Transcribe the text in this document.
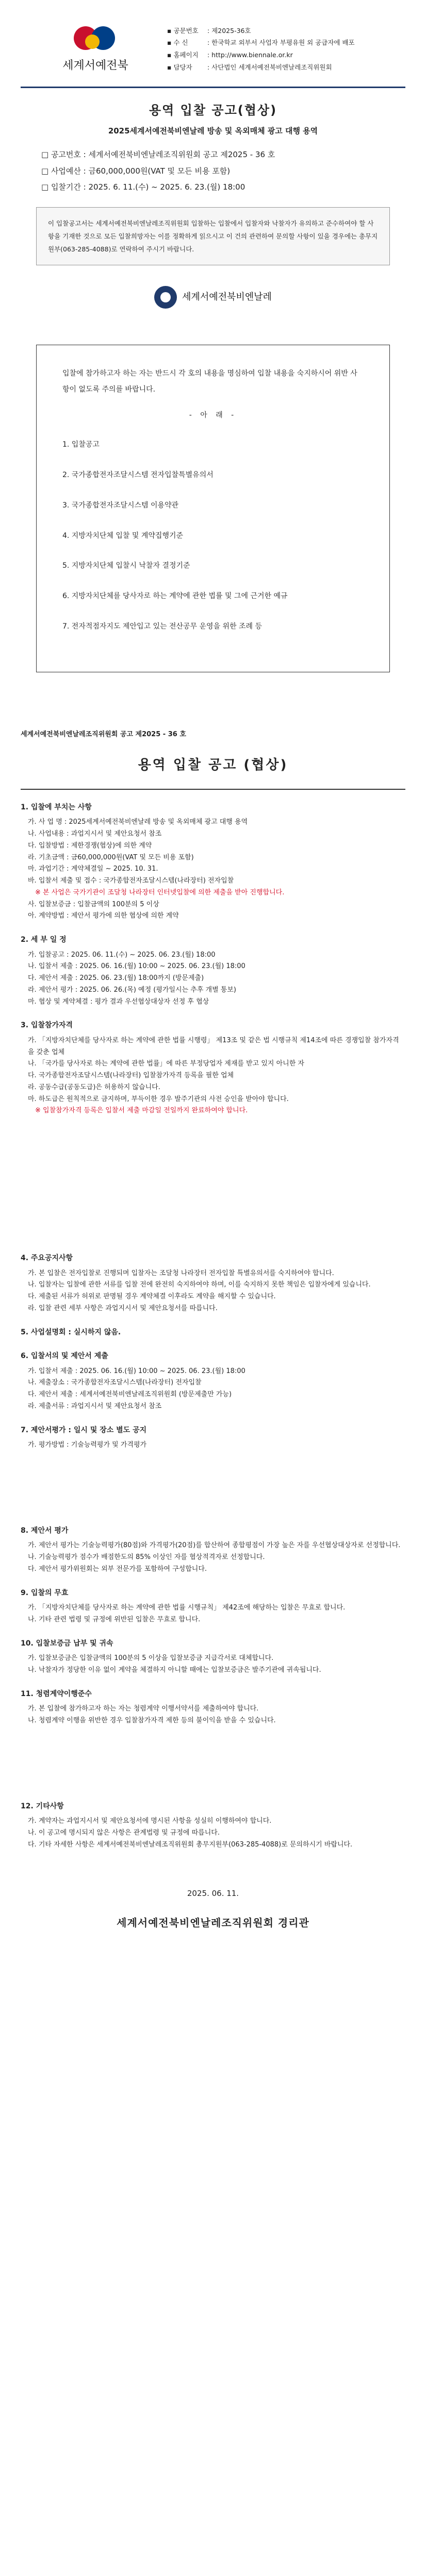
세계서예전북
▪ 공문번호	: 제2025-36호
▪ 수 신	: 한국학교 외부서 사업자 부평유원 외 공급자에 배포
▪ 홈페이지	: http://www.biennale.or.kr
▪ 담당자	: 사단법인 세계서예전북비엔날레조직위원회
용역 입찰 공고(협상)
2025세계서예전북비엔날레 방송 및 옥외매체 광고 대행 용역
□ 공고번호 : 세계서예전북비엔날레조직위원회 공고 제2025 - 36 호
□ 사업예산 : 금60,000,000원(VAT 및 모든 비용 포함)
□ 입찰기간 : 2025. 6. 11.(수) ~ 2025. 6. 23.(월) 18:00
이 입찰공고서는 세계서예전북비엔날레조직위원회 입찰하는 입찰에서 입찰자와 낙찰자가 유의하고 준수하여야 할 사항을 기재한 것으로 모든 입찰희망자는 이를 정확하게 읽으시고 이 건의 관련하여 문의할 사항이 있을 경우에는 총무지원부(063-285-4088)로 연락하여 주시기 바랍니다.
세계서예전북비엔날레
입찰에 참가하고자 하는 자는 반드시 각 호의 내용을 명심하여 입찰 내용을 숙지하시어 위반 사항이 없도록 주의를 바랍니다.
- 아 래 -
1. 입찰공고
2. 국가종합전자조달시스템 전자입찰특별유의서
3. 국가종합전자조달시스템 이용약관
4. 지방자치단체 입찰 및 계약집행기준
5. 지방자치단체 입찰시 낙찰자 결정기준
6. 지방자치단체를 당사자로 하는 계약에 관한 법률 및 그에 근거한 예규
7. 전자적점자지도 제안입고 있는 전산공무 운영을 위한 조례 등
세계서예전북비엔날레조직위원회 공고 제2025 - 36 호
용역 입찰 공고 (협상)
1. 입찰에 부치는 사항
가. 사 업 명 : 2025세계서예전북비엔날레 방송 및 옥외매체 광고 대행 용역
나. 사업내용 : 과업지시서 및 제안요청서 참조
다. 입찰방법 : 제한경쟁(협상)에 의한 계약
라. 기초금액 : 금60,000,000원(VAT 및 모든 비용 포함)
마. 과업기간 : 계약체결일 ~ 2025. 10. 31.
바. 입찰서 제출 및 접수 : 국가종합전자조달시스템(나라장터) 전자입찰
※ 본 사업은 국가기관이 조달청 나라장터 인터넷입찰에 의한 제출을 받아 진행합니다.
사. 입찰보증금 : 입찰금액의 100분의 5 이상
아. 계약방법 : 제안서 평가에 의한 협상에 의한 계약
2. 세 부 일 정
가. 입찰공고 : 2025. 06. 11.(수) ~ 2025. 06. 23.(월) 18:00
나. 입찰서 제출 : 2025. 06. 16.(월) 10:00 ~ 2025. 06. 23.(월) 18:00
다. 제안서 제출 : 2025. 06. 23.(월) 18:00까지 (방문제출)
라. 제안서 평가 : 2025. 06. 26.(목) 예정 (평가일시는 추후 개별 통보)
마. 협상 및 계약체결 : 평가 결과 우선협상대상자 선정 후 협상
3. 입찰참가자격
가. 「지방자치단체를 당사자로 하는 계약에 관한 법률 시행령」 제13조 및 같은 법 시행규칙 제14조에 따른 경쟁입찰 참가자격을 갖춘 업체
나. 「국가를 당사자로 하는 계약에 관한 법률」에 따른 부정당업자 제재를 받고 있지 아니한 자
다. 국가종합전자조달시스템(나라장터) 입찰참가자격 등록을 필한 업체
라. 공동수급(공동도급)은 허용하지 않습니다.
마. 하도급은 원칙적으로 금지하며, 부득이한 경우 발주기관의 사전 승인을 받아야 합니다.
※ 입찰참가자격 등록은 입찰서 제출 마감일 전일까지 완료하여야 합니다.
4. 주요공지사항
가. 본 입찰은 전자입찰로 진행되며 입찰자는 조달청 나라장터 전자입찰 특별유의서를 숙지하여야 합니다.
나. 입찰자는 입찰에 관한 서류를 입찰 전에 완전히 숙지하여야 하며, 이를 숙지하지 못한 책임은 입찰자에게 있습니다.
다. 제출된 서류가 허위로 판명될 경우 계약체결 이후라도 계약을 해지할 수 있습니다.
라. 입찰 관련 세부 사항은 과업지시서 및 제안요청서를 따릅니다.
5. 사업설명회 : 실시하지 않음.
6. 입찰서의 및 제안서 제출
가. 입찰서 제출 : 2025. 06. 16.(월) 10:00 ~ 2025. 06. 23.(월) 18:00
나. 제출장소 : 국가종합전자조달시스템(나라장터) 전자입찰
다. 제안서 제출 : 세계서예전북비엔날레조직위원회 (방문제출만 가능)
라. 제출서류 : 과업지시서 및 제안요청서 참조
7. 제안서평가 : 일시 및 장소 별도 공지
가. 평가방법 : 기술능력평가 및 가격평가
8. 제안서 평가
가. 제안서 평가는 기술능력평가(80점)와 가격평가(20점)를 합산하여 종합평점이 가장 높은 자를 우선협상대상자로 선정합니다.
나. 기술능력평가 점수가 배점한도의 85% 이상인 자를 협상적격자로 선정합니다.
다. 제안서 평가위원회는 외부 전문가를 포함하여 구성합니다.
9. 입찰의 무효
가. 「지방자치단체를 당사자로 하는 계약에 관한 법률 시행규칙」 제42조에 해당하는 입찰은 무효로 합니다.
나. 기타 관련 법령 및 규정에 위반된 입찰은 무효로 합니다.
10. 입찰보증금 납부 및 귀속
가. 입찰보증금은 입찰금액의 100분의 5 이상을 입찰보증금 지급각서로 대체합니다.
나. 낙찰자가 정당한 이유 없이 계약을 체결하지 아니할 때에는 입찰보증금은 발주기관에 귀속됩니다.
11. 청렴계약이행준수
가. 본 입찰에 참가하고자 하는 자는 청렴계약 이행서약서를 제출하여야 합니다.
나. 청렴계약 이행을 위반한 경우 입찰참가자격 제한 등의 불이익을 받을 수 있습니다.
12. 기타사항
가. 계약자는 과업지시서 및 제안요청서에 명시된 사항을 성실히 이행하여야 합니다.
나. 이 공고에 명시되지 않은 사항은 관계법령 및 규정에 따릅니다.
다. 기타 자세한 사항은 세계서예전북비엔날레조직위원회 총무지원부(063-285-4088)로 문의하시기 바랍니다.
2025. 06. 11.
세계서예전북비엔날레조직위원회 경리관
